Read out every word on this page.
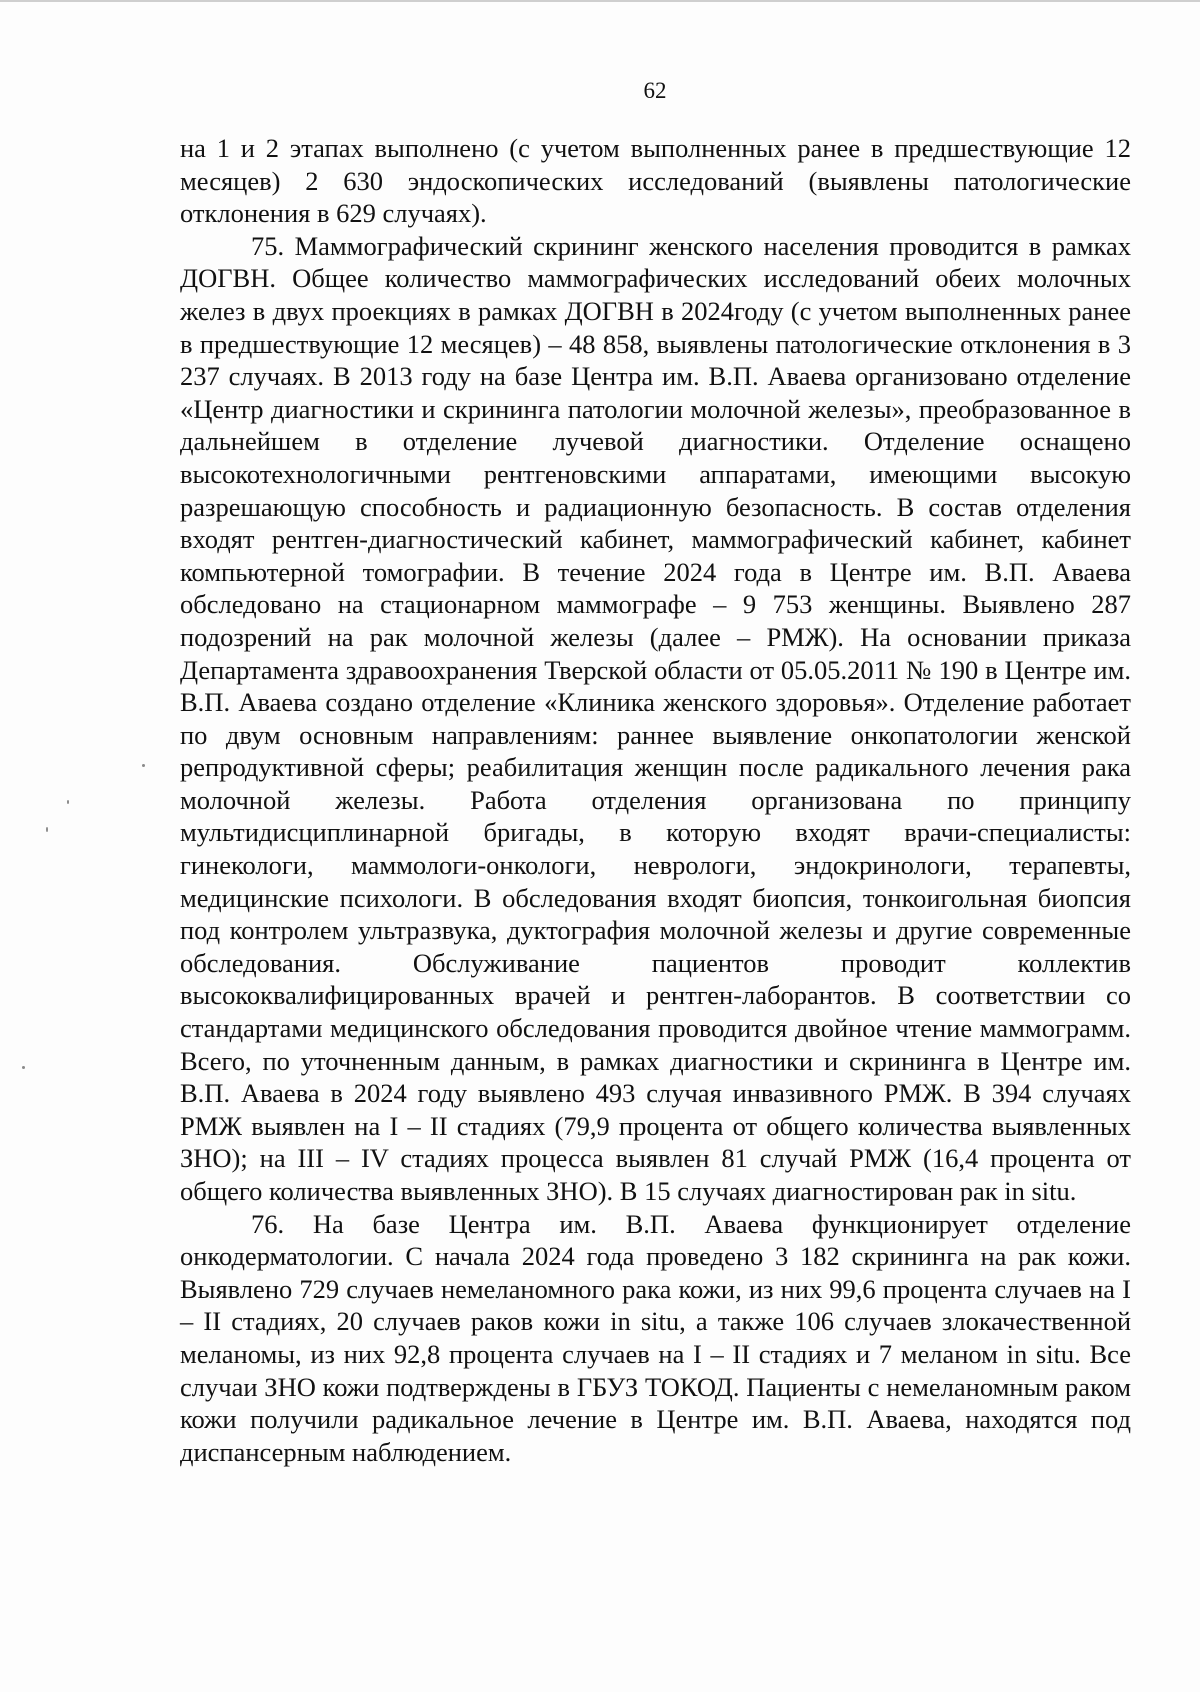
62

на 1 и 2 этапах выполнено (с учетом выполненных ранее в предшествующие 12 месяцев) 2 630 эндоскопических исследований (выявлены патологические отклонения в 629 случаях).

75. Маммографический скрининг женского населения проводится в рамках ДОГВН. Общее количество маммографических исследований обеих молочных желез в двух проекциях в рамках ДОГВН в 2024году (с учетом выполненных ранее в предшествующие 12 месяцев) – 48 858, выявлены патологические отклонения в 3 237 случаях. В 2013 году на базе Центра им. В.П. Аваева организовано отделение «Центр диагностики и скрининга патологии молочной железы», преобразованное в дальнейшем в отделение лучевой диагностики. Отделение оснащено высокотехнологичными рентгеновскими аппаратами, имеющими высокую разрешающую способность и радиационную безопасность. В состав отделения входят рентген-диагностический кабинет, маммографический кабинет, кабинет компьютерной томографии. В течение 2024 года в Центре им. В.П. Аваева обследовано на стационарном маммографе – 9 753 женщины. Выявлено 287 подозрений на рак молочной железы (далее – РМЖ). На основании приказа Департамента здравоохранения Тверской области от 05.05.2011 № 190 в Центре им. В.П. Аваева создано отделение «Клиника женского здоровья». Отделение работает по двум основным направлениям: раннее выявление онкопатологии женской репродуктивной сферы; реабилитация женщин после радикального лечения рака молочной железы. Работа отделения организована по принципу мультидисциплинарной бригады, в которую входят врачи-специалисты: гинекологи, маммологи-онкологи, неврологи, эндокринологи, терапевты, медицинские психологи. В обследования входят биопсия, тонкоигольная биопсия под контролем ультразвука, дуктография молочной железы и другие современные обследования. Обслуживание пациентов проводит коллектив высококвалифицированных врачей и рентген-лаборантов. В соответствии со стандартами медицинского обследования проводится двойное чтение маммограмм. Всего, по уточненным данным, в рамках диагностики и скрининга в Центре им. В.П. Аваева в 2024 году выявлено 493 случая инвазивного РМЖ. В 394 случаях РМЖ выявлен на I – II стадиях (79,9 процента от общего количества выявленных ЗНО); на III – IV стадиях процесса выявлен 81 случай РМЖ (16,4 процента от общего количества выявленных ЗНО). В 15 случаях диагностирован рак in situ.

76. На базе Центра им. В.П. Аваева функционирует отделение онкодерматологии. С начала 2024 года проведено 3 182 скрининга на рак кожи. Выявлено 729 случаев немеланомного рака кожи, из них 99,6 процента случаев на I – II стадиях, 20 случаев раков кожи in situ, а также 106 случаев злокачественной меланомы, из них 92,8 процента случаев на I – II стадиях и 7 меланом in situ. Все случаи ЗНО кожи подтверждены в ГБУЗ ТОКОД. Пациенты с немеланомным раком кожи получили радикальное лечение в Центре им. В.П. Аваева, находятся под диспансерным наблюдением.
